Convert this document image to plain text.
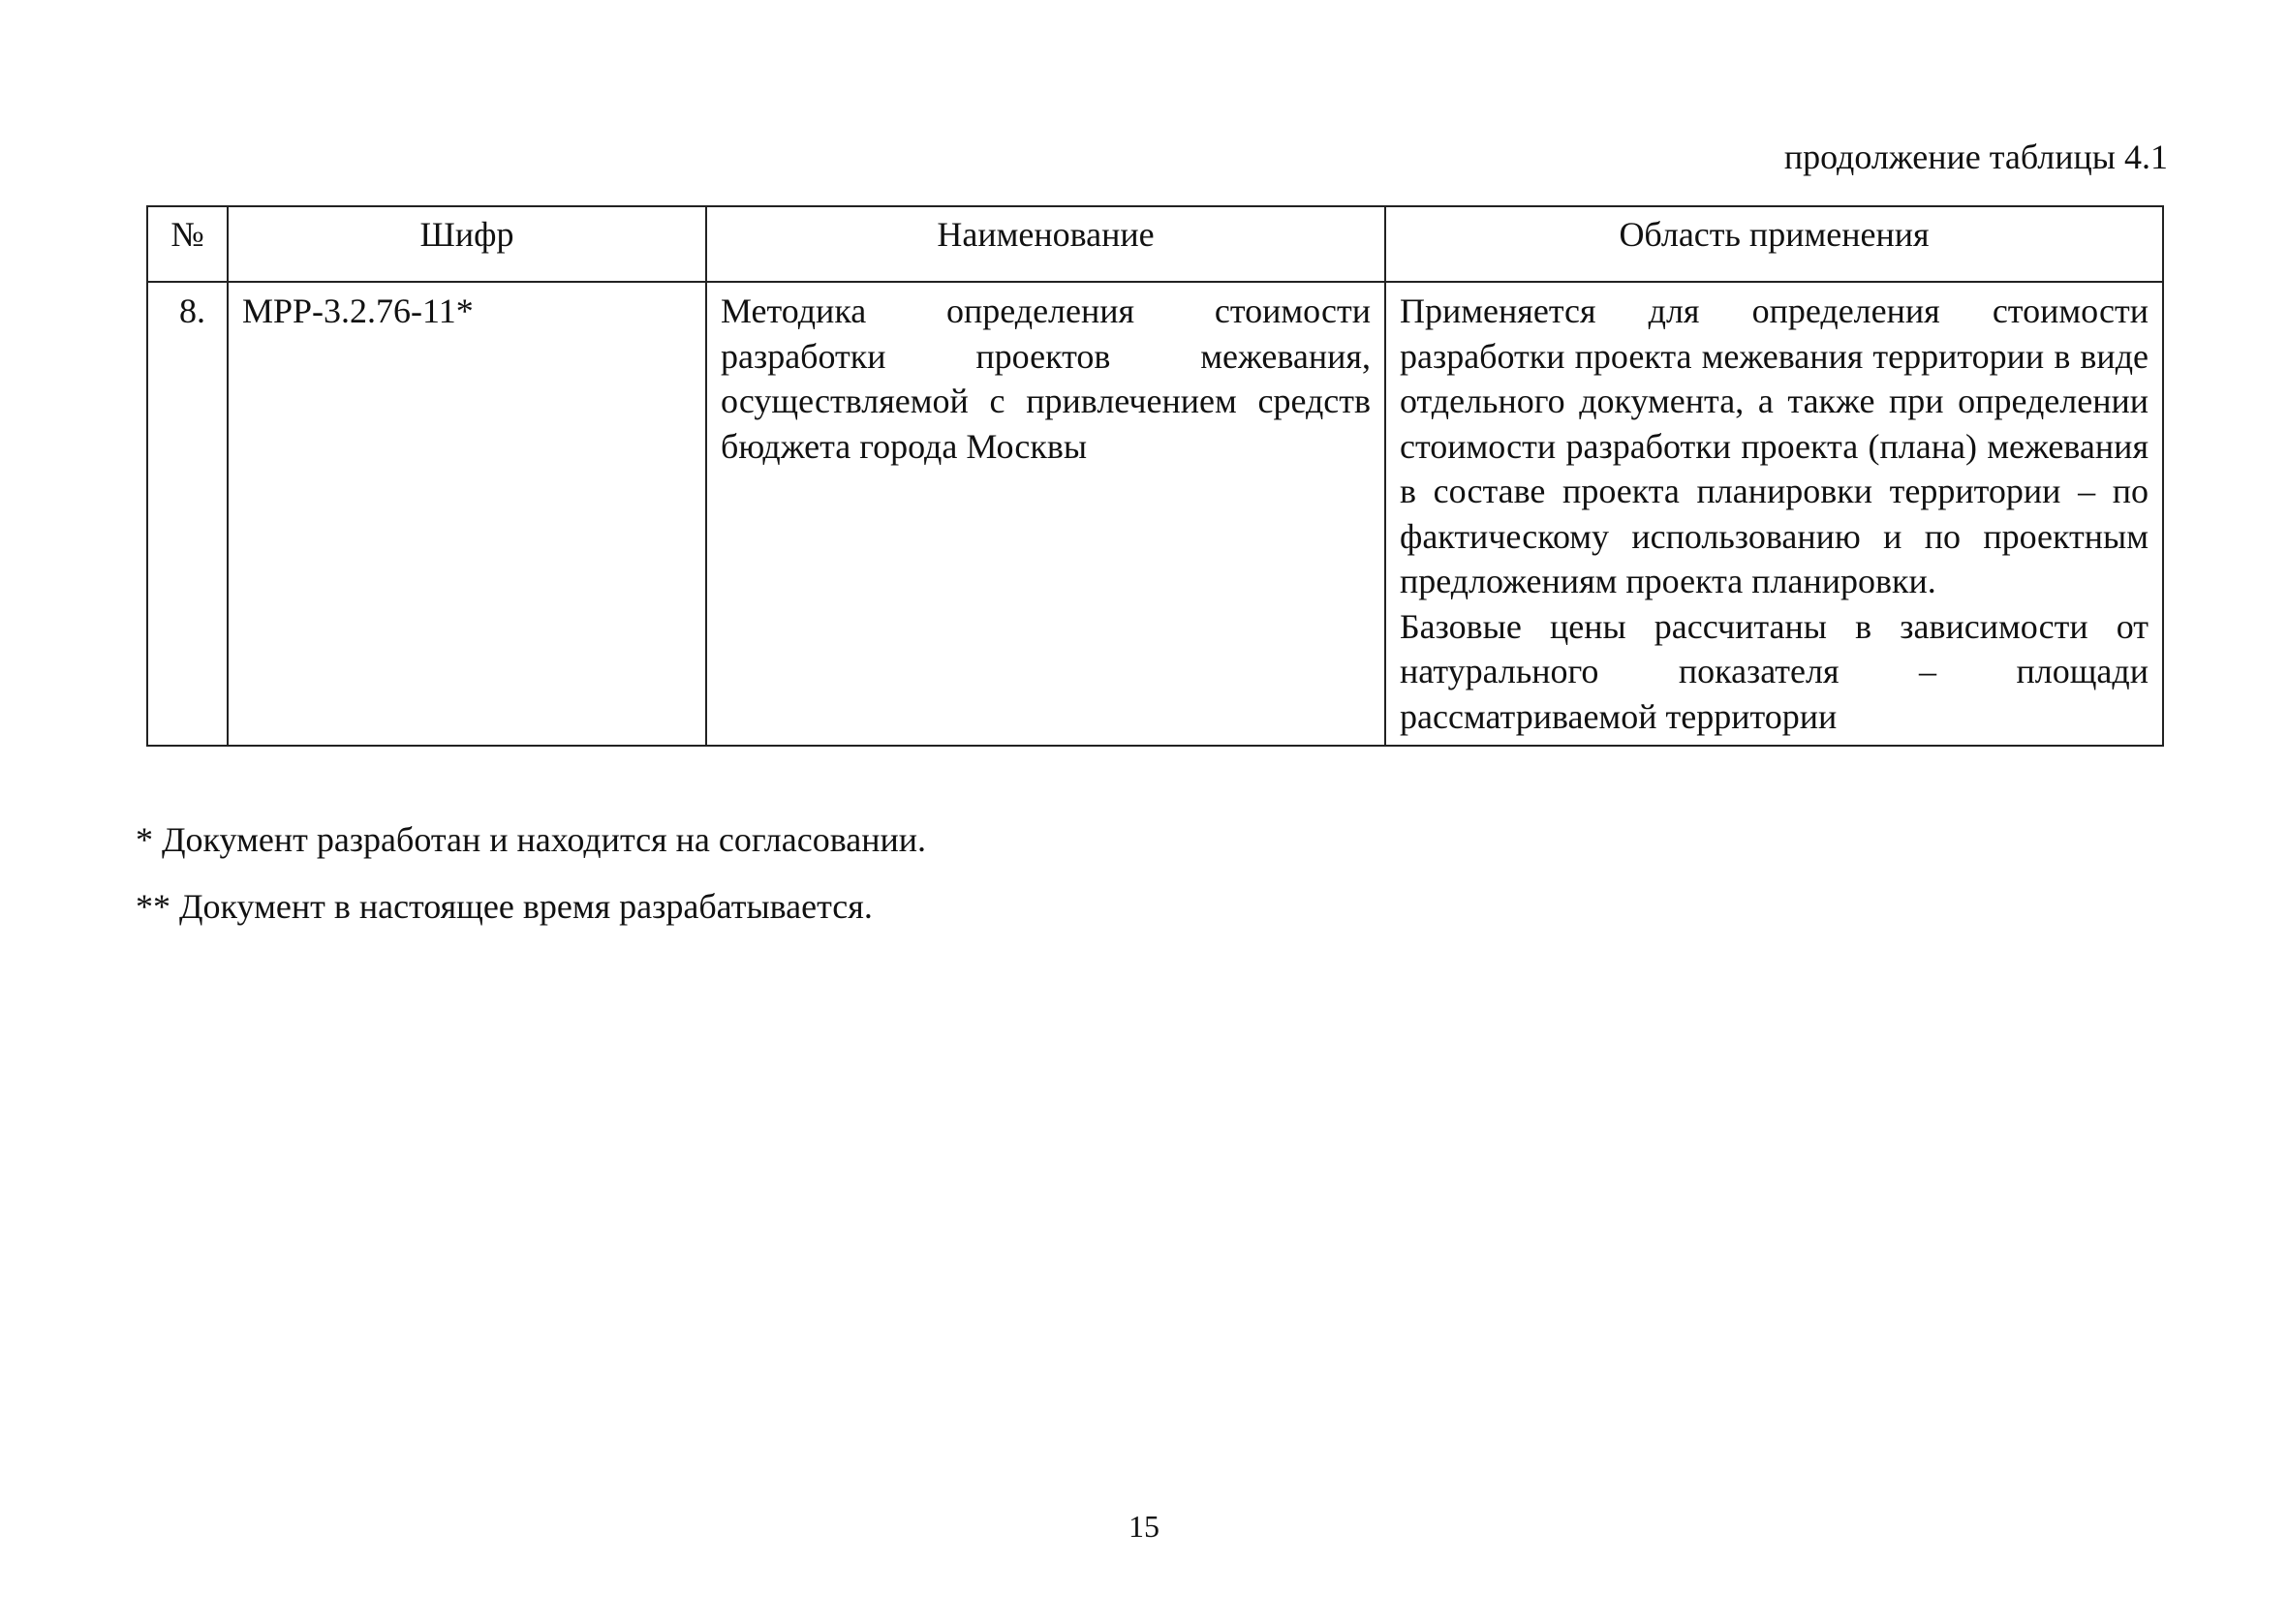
продолжение таблицы 4.1
№	Шифр	Наименование	Область применения
8.	МРР-3.2.76-11*	Методика определения стоимости разработки проектов межевания, осуществляемой с привлечением средств бюджета города Москвы	Применяется для определения стоимости разработки проекта межевания территории в виде отдельного документа, а также при определении стоимости разработки проекта (плана) межевания в составе проекта планировки территории – по фактическому использованию и по проектным предложениям проекта планировки.
Базовые цены рассчитаны в зависимости от натурального показателя – площади рассматриваемой территории
* Документ разработан и находится на согласовании.
** Документ в настоящее время разрабатывается.
15
